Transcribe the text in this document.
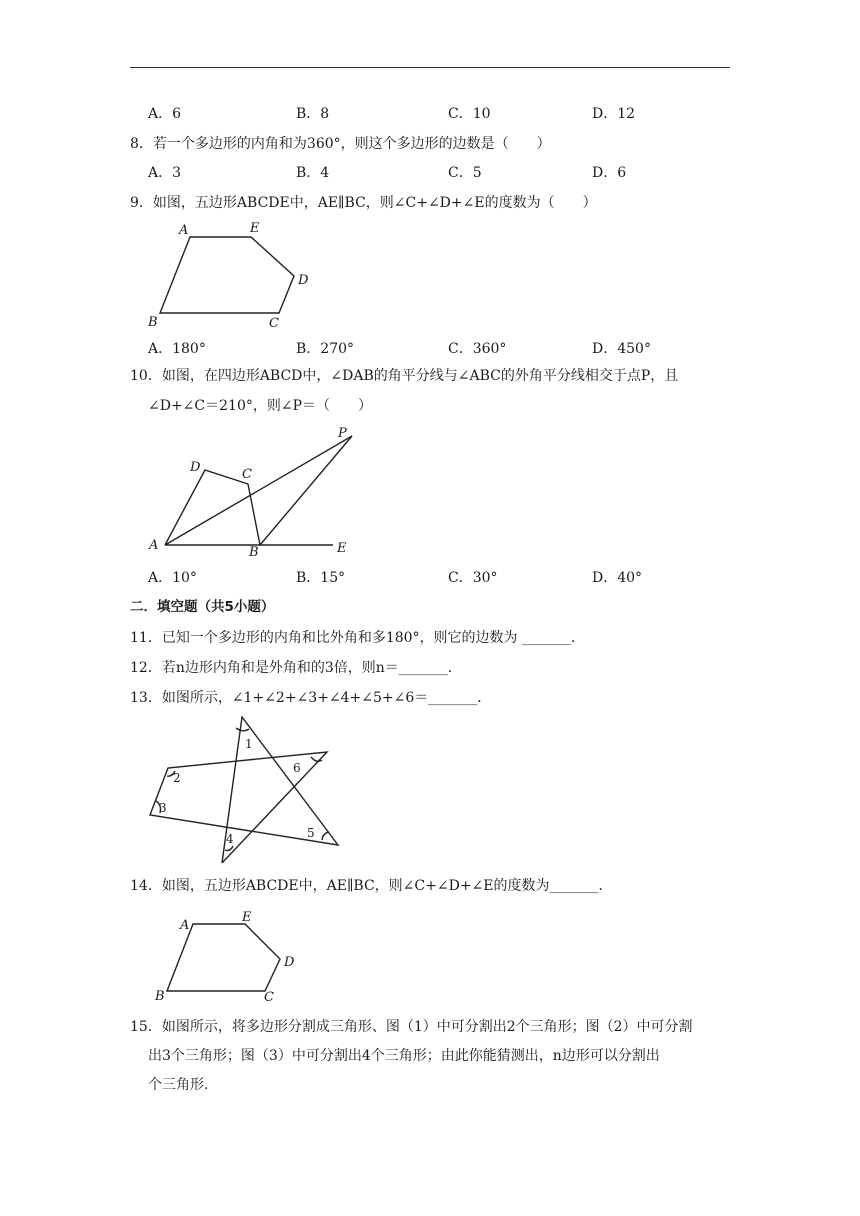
A．6	B．8	C．10	D．12
8．若一个多边形的内角和为360°，则这个多边形的边数是（　　）
A．3	B．4	C．5	D．6
9．如图，五边形ABCDE中，AE∥BC，则∠C+∠D+∠E的度数为（　　）
A	E
D
B	C
A．180°	B．270°	C．360°	D．450°
10．如图，在四边形ABCD中，∠DAB的角平分线与∠ABC的外角平分线相交于点P，且
∠D+∠C＝210°，则∠P＝（　　）
D	C
P
A	B	E
A．10°	B．15°	C．30°	D．40°
二．填空题（共5小题）
11．已知一个多边形的内角和比外角和多180°，则它的边数为 _______．
12．若n边形内角和是外角和的3倍，则n＝_______．
13．如图所示，∠1+∠2+∠3+∠4+∠5+∠6＝_______．
1
2
3
4	5
6
14．如图，五边形ABCDE中，AE∥BC，则∠C+∠D+∠E的度数为_______．
A
E
D
B	C
15．如图所示，将多边形分割成三角形、图（1）中可分割出2个三角形；图（2）中可分割
出3个三角形；图（3）中可分割出4个三角形；由此你能猜测出，n边形可以分割出
个三角形.
